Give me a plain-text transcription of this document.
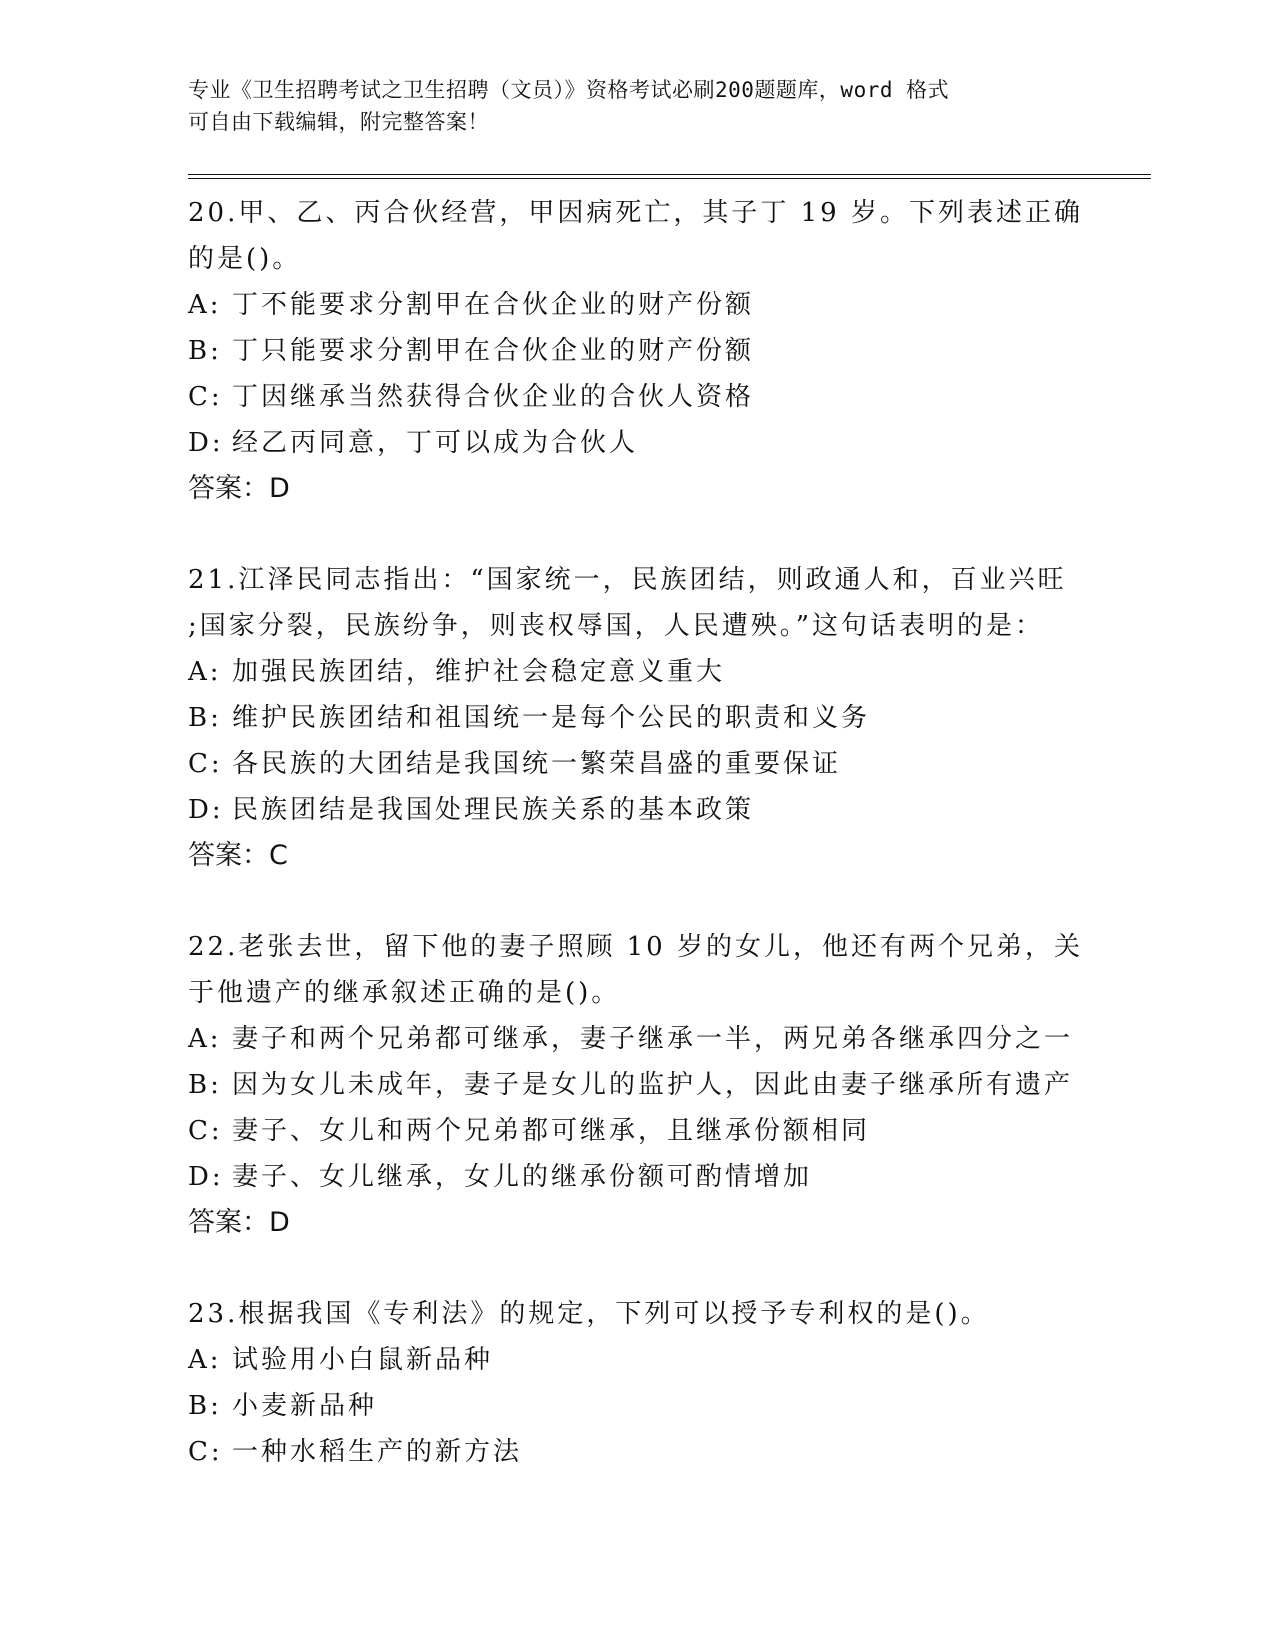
专业《卫生招聘考试之卫生招聘（文员）》资格考试必刷200题题库，word 格式
可自由下载编辑，附完整答案！

20.甲、乙、丙合伙经营，甲因病死亡，其子丁 19 岁。下列表述正确

的是()。

A: 丁不能要求分割甲在合伙企业的财产份额

B: 丁只能要求分割甲在合伙企业的财产份额

C: 丁因继承当然获得合伙企业的合伙人资格

D: 经乙丙同意，丁可以成为合伙人

答案：D

21.江泽民同志指出：“国家统一，民族团结，则政通人和，百业兴旺

;国家分裂，民族纷争，则丧权辱国，人民遭殃。”这句话表明的是：

A: 加强民族团结，维护社会稳定意义重大

B: 维护民族团结和祖国统一是每个公民的职责和义务

C: 各民族的大团结是我国统一繁荣昌盛的重要保证

D: 民族团结是我国处理民族关系的基本政策

答案：C

22.老张去世，留下他的妻子照顾 10 岁的女儿，他还有两个兄弟，关

于他遗产的继承叙述正确的是()。

A: 妻子和两个兄弟都可继承，妻子继承一半，两兄弟各继承四分之一

B: 因为女儿未成年，妻子是女儿的监护人，因此由妻子继承所有遗产

C: 妻子、女儿和两个兄弟都可继承，且继承份额相同

D: 妻子、女儿继承，女儿的继承份额可酌情增加

答案：D

23.根据我国《专利法》的规定，下列可以授予专利权的是()。

A: 试验用小白鼠新品种

B: 小麦新品种

C: 一种水稻生产的新方法
